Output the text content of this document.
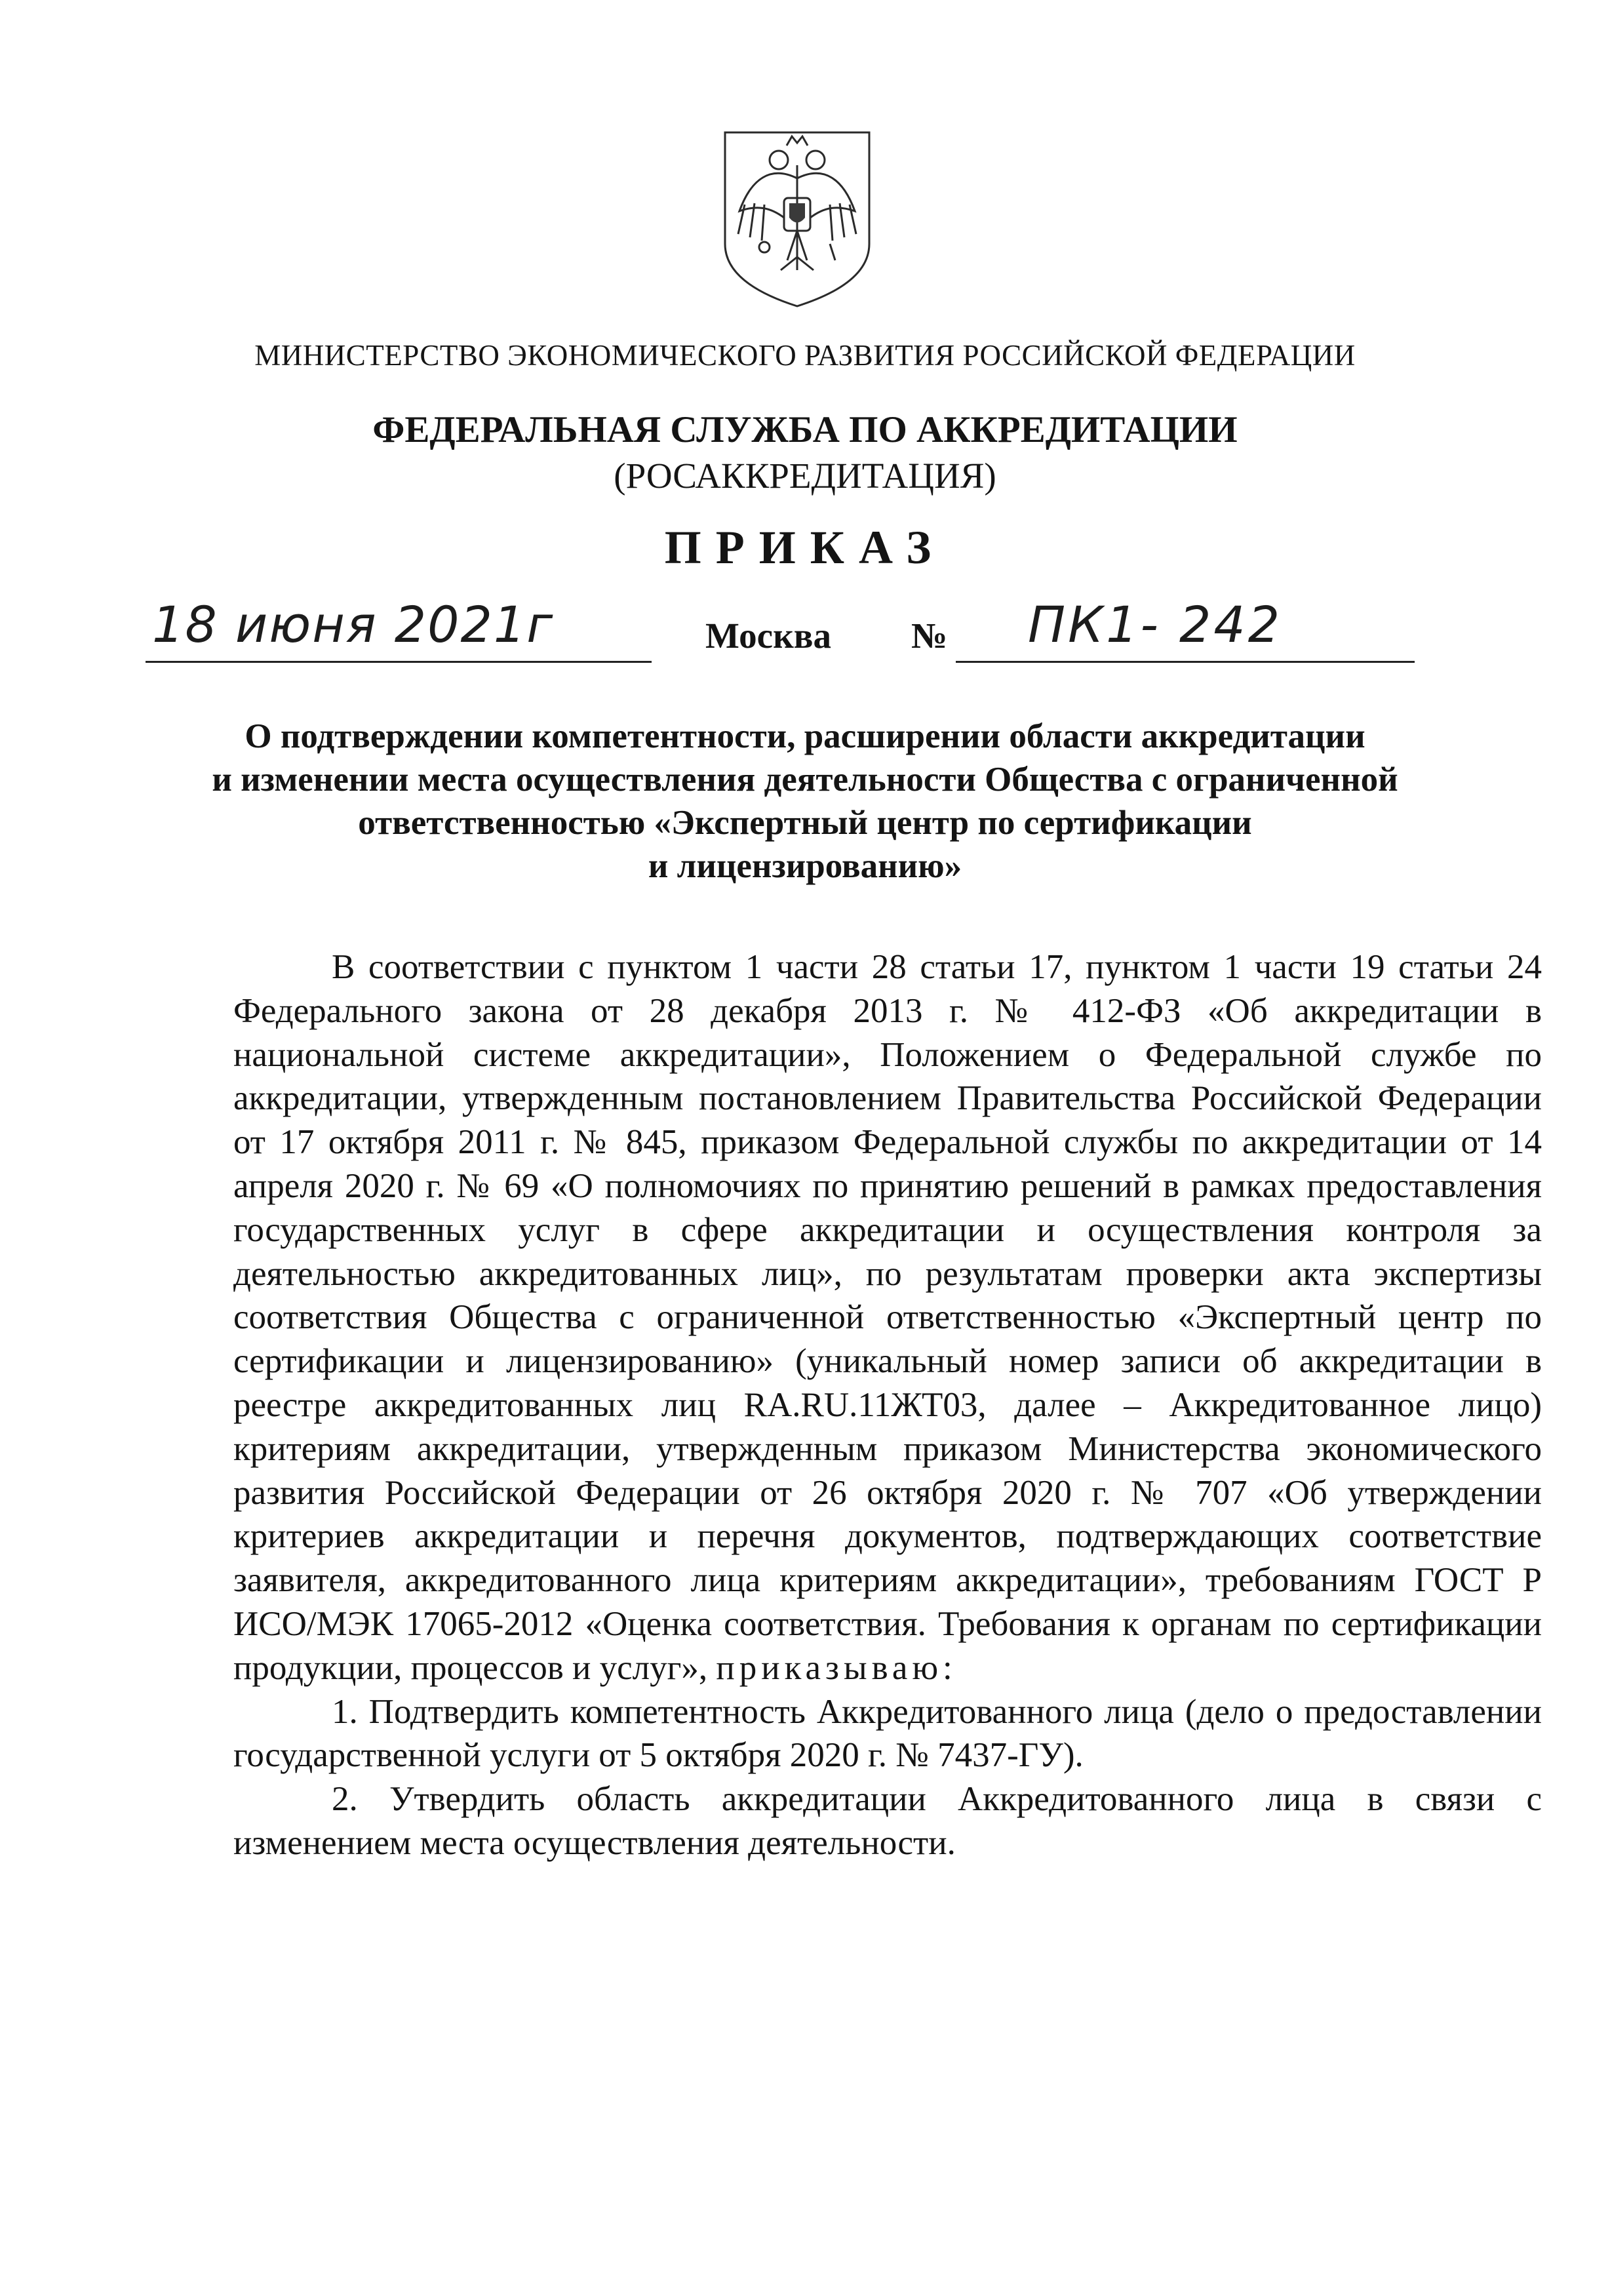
МИНИСТЕРСТВО ЭКОНОМИЧЕСКОГО РАЗВИТИЯ РОССИЙСКОЙ ФЕДЕРАЦИИ
ФЕДЕРАЛЬНАЯ СЛУЖБА ПО АККРЕДИТАЦИИ
(РОСАККРЕДИТАЦИЯ)
ПРИКАЗ
18 июня 2021г	Москва № ПК1- 242
О подтверждении компетентности, расширении области аккредитации
и изменении места осуществления деятельности Общества с ограниченной
ответственностью «Экспертный центр по сертификации
и лицензированию»

В соответствии с пунктом 1 части 28 статьи 17, пунктом 1 части 19 статьи 24 Федерального закона от 28 декабря 2013 г. № 412-ФЗ «Об аккредитации в национальной системе аккредитации», Положением о Федеральной службе по аккредитации, утвержденным постановлением Правительства Российской Федерации от 17 октября 2011 г. № 845, приказом Федеральной службы по аккредитации от 14 апреля 2020 г. № 69 «О полномочиях по принятию решений в рамках предоставления государственных услуг в сфере аккредитации и осуществления контроля за деятельностью аккредитованных лиц», по результатам проверки акта экспертизы соответствия Общества с ограниченной ответственностью «Экспертный центр по сертификации и лицензированию» (уникальный номер записи об аккредитации в реестре аккредитованных лиц RA.RU.11ЖТ03, далее – Аккредитованное лицо) критериям аккредитации, утвержденным приказом Министерства экономического развития Российской Федерации от 26 октября 2020 г. № 707 «Об утверждении критериев аккредитации и перечня документов, подтверждающих соответствие заявителя, аккредитованного лица критериям аккредитации», требованиям ГОСТ Р ИСО/МЭК 17065-2012 «Оценка соответствия. Требования к органам по сертификации продукции, процессов и услуг», приказываю:

1. Подтвердить компетентность Аккредитованного лица (дело о предоставлении государственной услуги от 5 октября 2020 г. № 7437-ГУ).

2. Утвердить область аккредитации Аккредитованного лица в связи с изменением места осуществления деятельности.
